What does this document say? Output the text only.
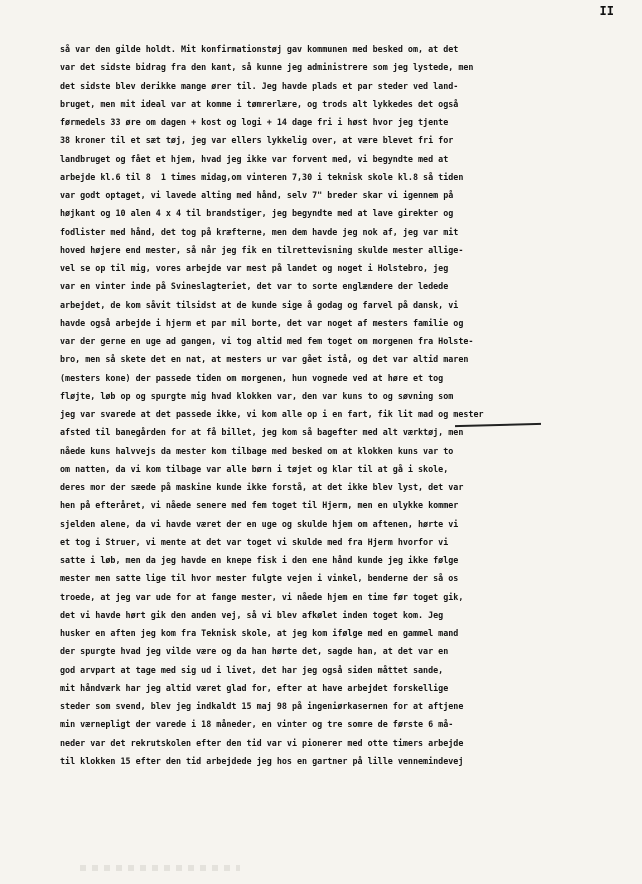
II
så var den gilde holdt. Mit konfirmationstøj gav kommunen med besked om, at det
var det sidste bidrag fra den kant, så kunne jeg administrere som jeg lystede, men
det sidste blev derikke mange ører til. Jeg havde plads et par steder ved land-
bruget, men mit ideal var at komme i tømrerlære, og trods alt lykkedes det også
førmedels 33 øre om dagen + kost og logi + 14 dage fri i høst hvor jeg tjente
38 kroner til et sæt tøj, jeg var ellers lykkelig over, at være blevet fri for
landbruget og fået et hjem, hvad jeg ikke var forvent med, vi begyndte med at
arbejde kl.6 til 8  1 times midag,om vinteren 7,30 i teknisk skole kl.8 så tiden
var godt optaget, vi lavede alting med hånd, selv 7" breder skar vi igennem på
højkant og 10 alen 4 x 4 til brandstiger, jeg begyndte med at lave girekter og
fodlister med hånd, det tog på kræfterne, men dem havde jeg nok af, jeg var mit
hoved højere end mester, så når jeg fik en tilrettevisning skulde mester allige-
vel se op til mig, vores arbejde var mest på landet og noget i Holstebro, jeg
var en vinter inde på Svineslagteriet, det var to sorte englændere der ledede
arbejdet, de kom såvit tilsidst at de kunde sige å godag og farvel på dansk, vi
havde også arbejde i hjerm et par mil borte, det var noget af mesters familie og
var der gerne en uge ad gangen, vi tog altid med fem toget om morgenen fra Holste-
bro, men så skete det en nat, at mesters ur var gået istå, og det var altid maren
(mesters kone) der passede tiden om morgenen, hun vognede ved at høre et tog
fløjte, løb op og spurgte mig hvad klokken var, den var kuns to og søvning som
jeg var svarede at det passede ikke, vi kom alle op i en fart, fik lit mad og mester
afsted til banegården for at få billet, jeg kom så bagefter med alt værktøj, men
nåede kuns halvvejs da mester kom tilbage med besked om at klokken kuns var to
om natten, da vi kom tilbage var alle børn i tøjet og klar til at gå i skole,
deres mor der sæede på maskine kunde ikke forstå, at det ikke blev lyst, det var
hen på efteråret, vi nåede senere med fem toget til Hjerm, men en ulykke kommer
sjelden alene, da vi havde været der en uge og skulde hjem om aftenen, hørte vi
et tog i Struer, vi mente at det var toget vi skulde med fra Hjerm hvorfor vi
satte i løb, men da jeg havde en knepe fisk i den ene hånd kunde jeg ikke følge
mester men satte lige til hvor mester fulgte vejen i vinkel, benderne der så os
troede, at jeg var ude for at fange mester, vi nåede hjem en time før toget gik,
det vi havde hørt gik den anden vej, så vi blev afkølet inden toget kom. Jeg
husker en aften jeg kom fra Teknisk skole, at jeg kom ifølge med en gammel mand
der spurgte hvad jeg vilde være og da han hørte det, sagde han, at det var en
god arvpart at tage med sig ud i livet, det har jeg også siden måttet sande,
mit håndværk har jeg altid været glad for, efter at have arbejdet forskellige
steder som svend, blev jeg indkaldt 15 maj 98 på ingeniørkasernen for at aftjene
min værnepligt der varede i 18 måneder, en vinter og tre somre de første 6 må-
neder var det rekrutskolen efter den tid var vi pionerer med otte timers arbejde
til klokken 15 efter den tid arbejdede jeg hos en gartner på lille vennemindevej
